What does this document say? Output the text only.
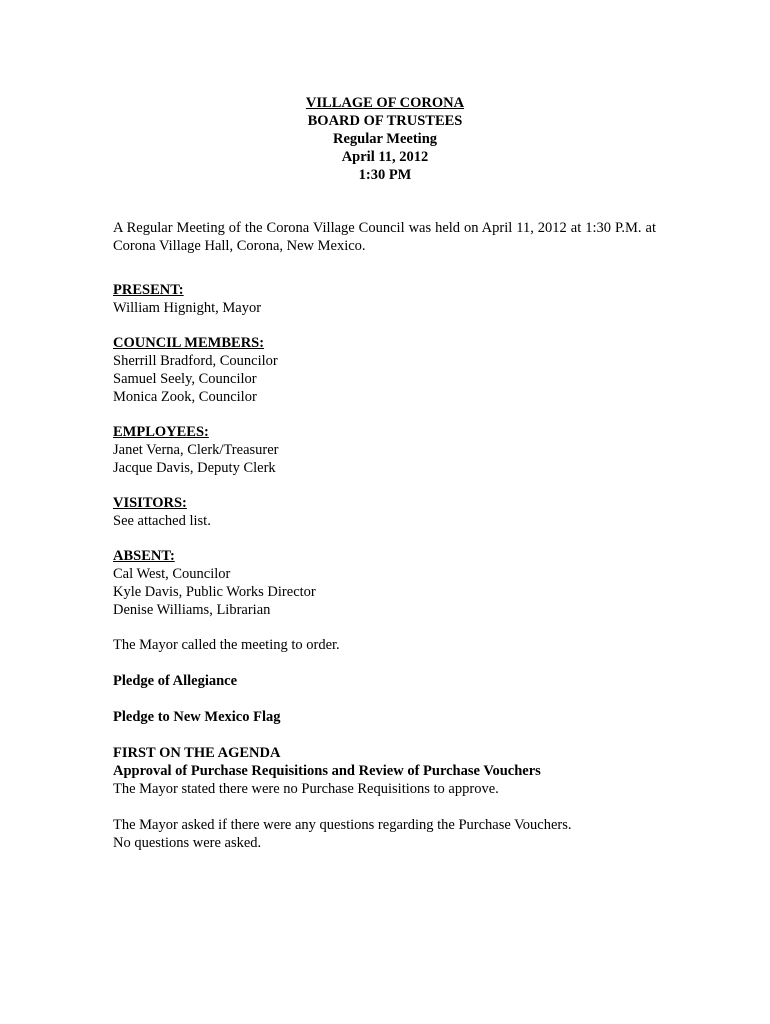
VILLAGE OF CORONA
BOARD OF TRUSTEES
Regular Meeting
April 11, 2012
1:30 PM

A Regular Meeting of the Corona Village Council was held on April 11, 2012 at 1:30 P.M. at Corona Village Hall, Corona, New Mexico.

PRESENT:
William Hignight, Mayor
COUNCIL MEMBERS:
Sherrill Bradford, Councilor
Samuel Seely, Councilor
Monica Zook, Councilor
EMPLOYEES:
Janet Verna, Clerk/Treasurer
Jacque Davis, Deputy Clerk
VISITORS:
See attached list.
ABSENT:
Cal West, Councilor
Kyle Davis, Public Works Director
Denise Williams, Librarian
The Mayor called the meeting to order.
Pledge of Allegiance
Pledge to New Mexico Flag
FIRST ON THE AGENDA
Approval of Purchase Requisitions and Review of Purchase Vouchers
The Mayor stated there were no Purchase Requisitions to approve.
The Mayor asked if there were any questions regarding the Purchase Vouchers.
No questions were asked.
